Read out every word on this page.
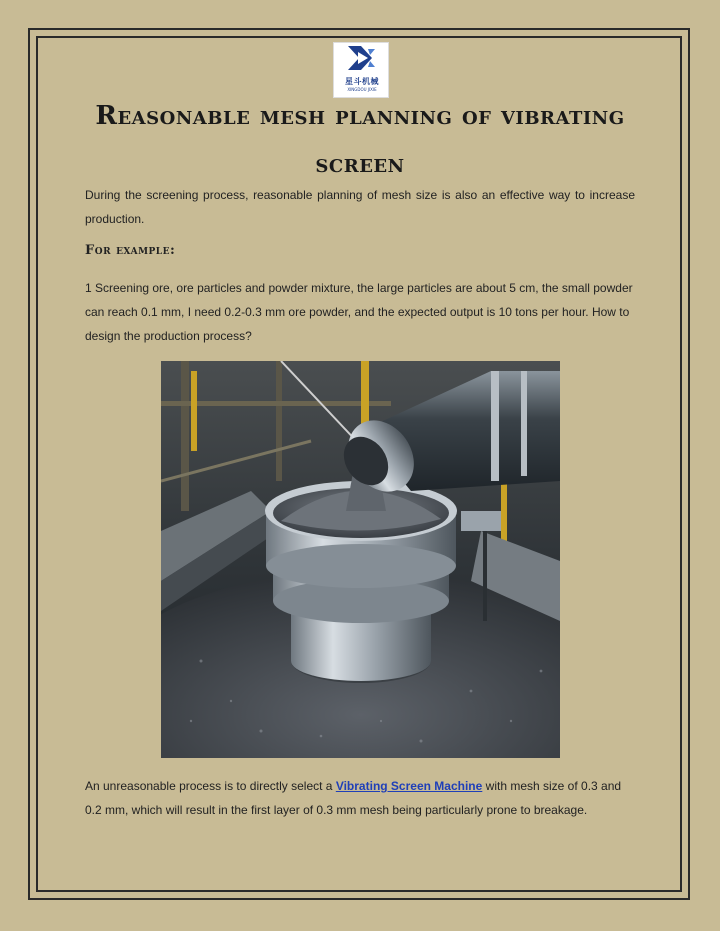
星斗机械
XINGDOU JIXIE
Reasonable mesh planning of vibrating screen
During the screening process, reasonable planning of mesh size is also an effective way to increase production.
For example:
1 Screening ore, ore particles and powder mixture, the large particles are about 5 cm, the small powder can reach 0.1 mm, I need 0.2-0.3 mm ore powder, and the expected output is 10 tons per hour. How to design the production process?
An unreasonable process is to directly select a Vibrating Screen Machine with mesh size of 0.3 and 0.2 mm, which will result in the first layer of 0.3 mm mesh being particularly prone to breakage.
